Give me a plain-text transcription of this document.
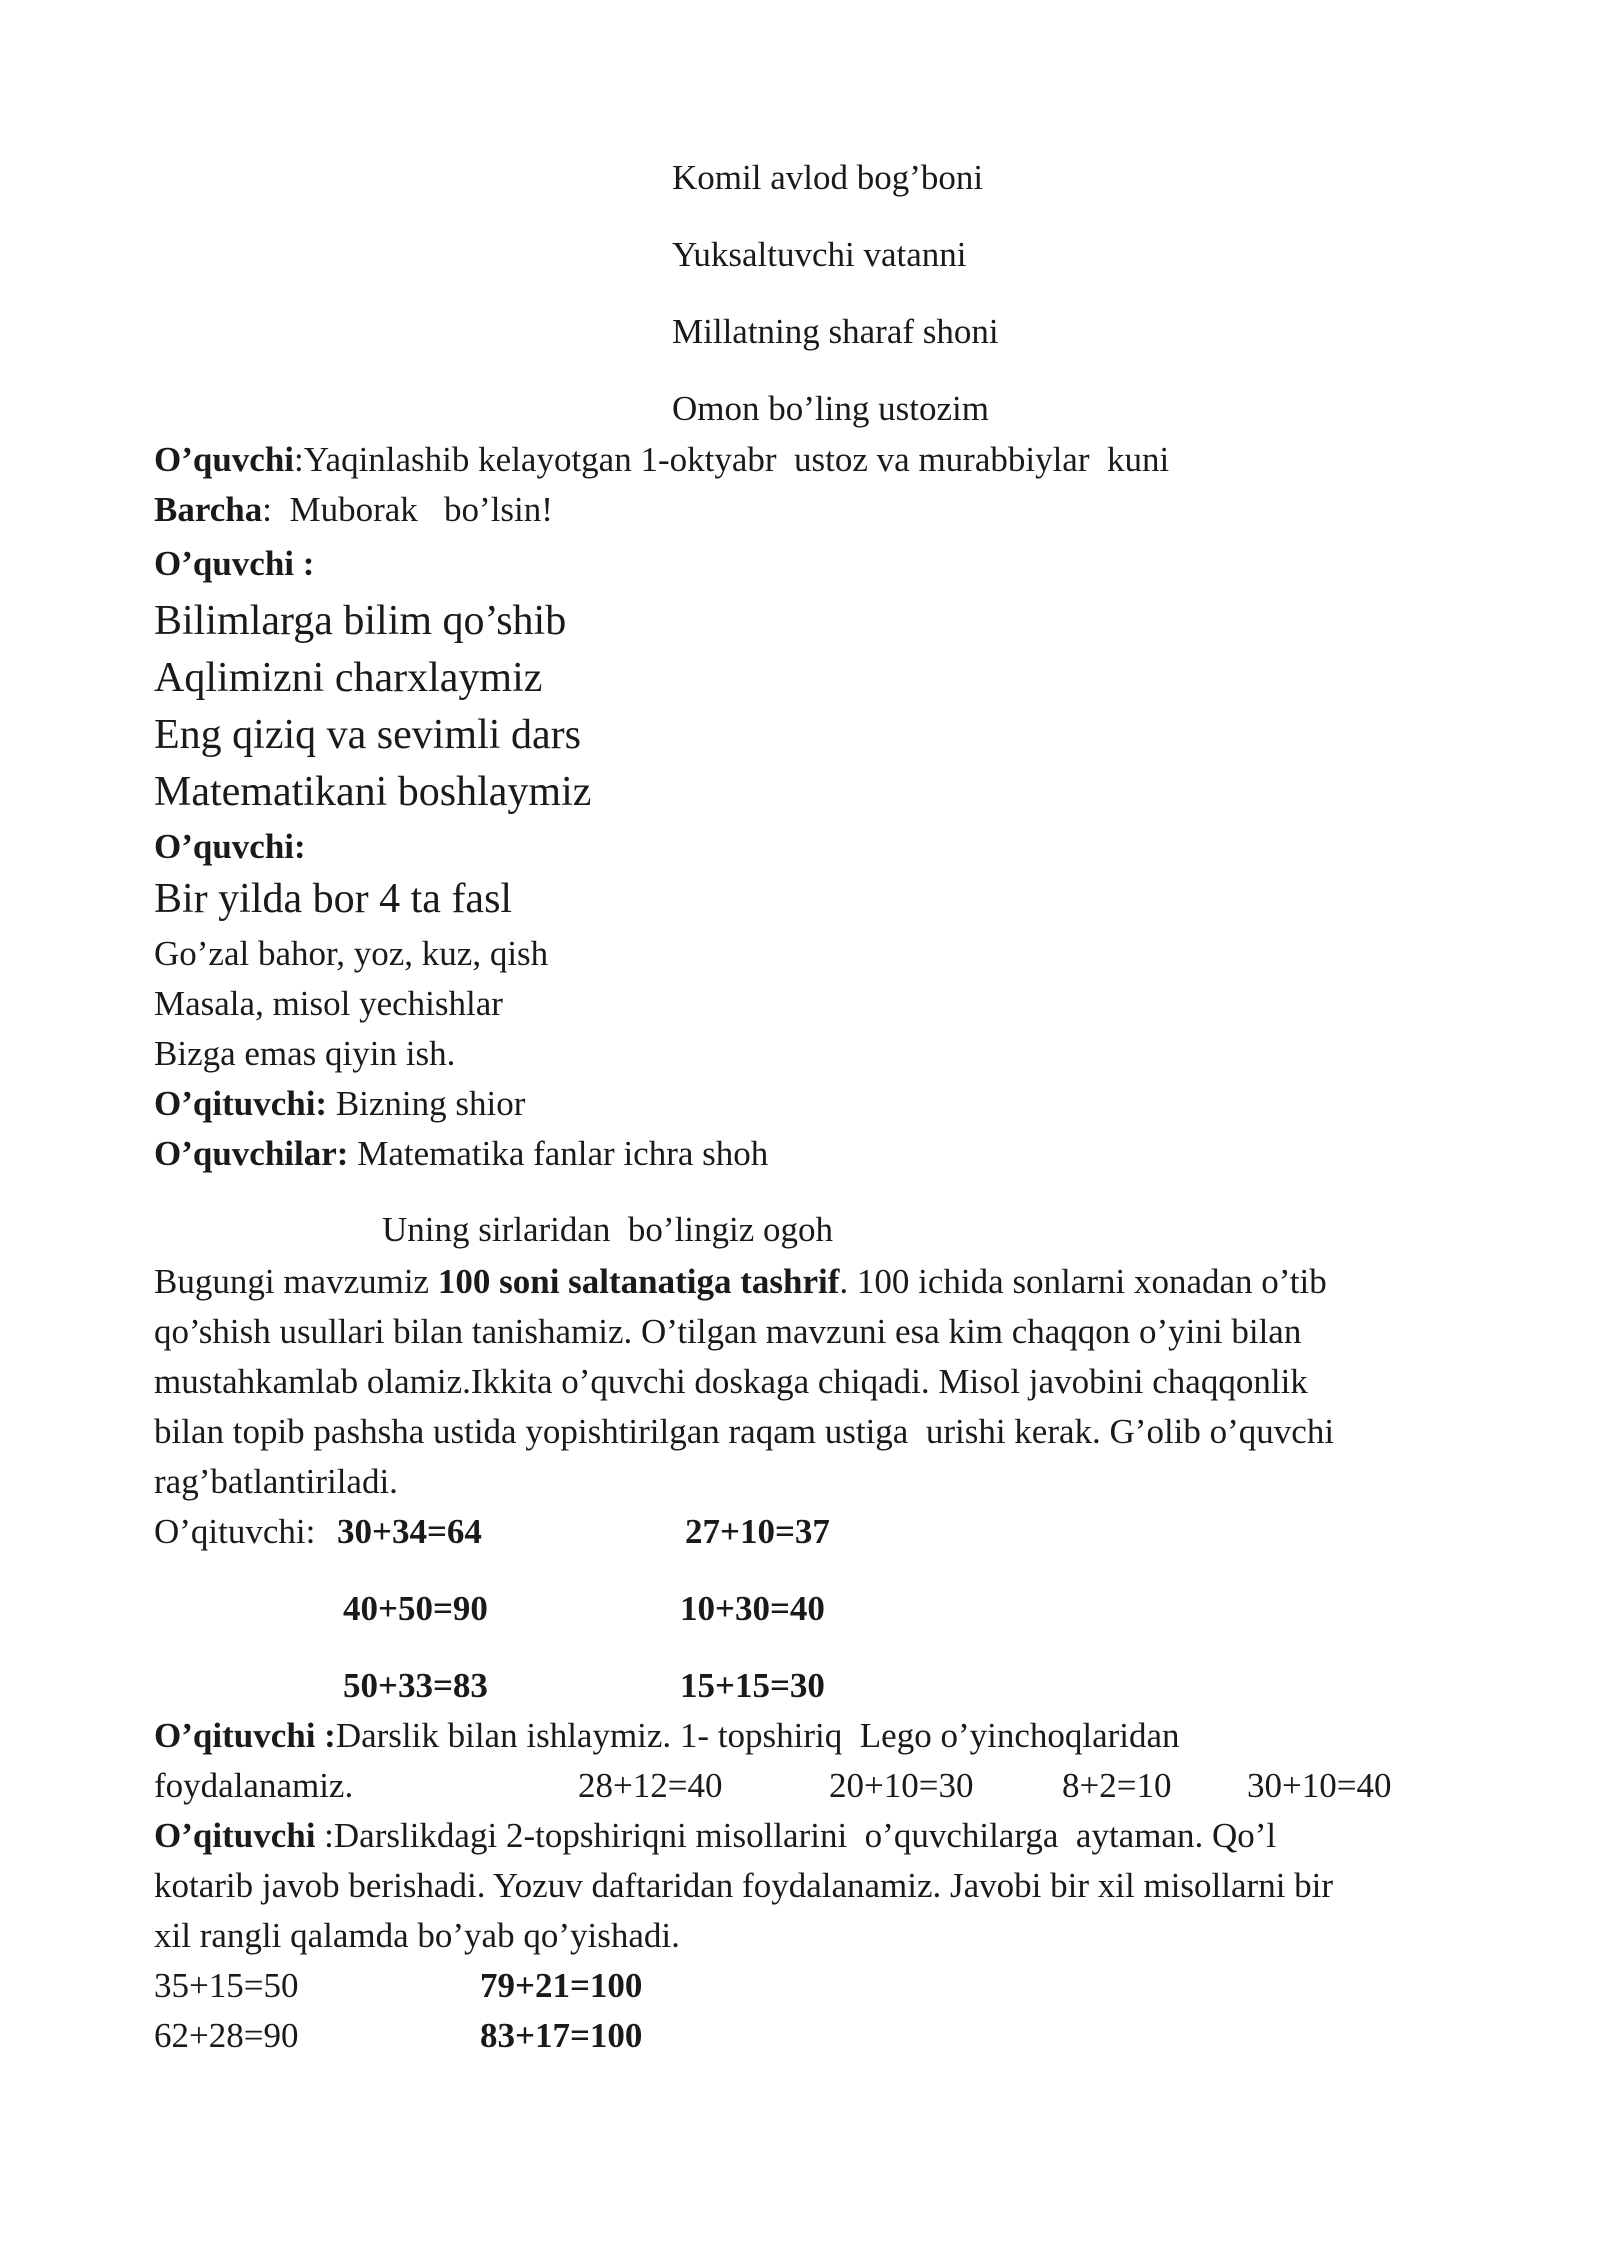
Komil avlod bog’boni
Yuksaltuvchi vatanni
Millatning sharaf shoni
Omon bo’ling ustozim
O’quvchi:Yaqinlashib kelayotgan 1-oktyabr  ustoz va murabbiylar  kuni
Barcha:  Muborak   bo’lsin!
O’quvchi :
Bilimlarga bilim qo’shib
Aqlimizni charxlaymiz
Eng qiziq va sevimli dars
Matematikani boshlaymiz
O’quvchi:
Bir yilda bor 4 ta fasl
Go’zal bahor, yoz, kuz, qish
Masala, misol yechishlar
Bizga emas qiyin ish.
O’qituvchi: Bizning shior
O’quvchilar: Matematika fanlar ichra shoh
Uning sirlaridan  bo’lingiz ogoh
Bugungi mavzumiz 100 soni saltanatiga tashrif. 100 ichida sonlarni xonadan o’tib
qo’shish usullari bilan tanishamiz. O’tilgan mavzuni esa kim chaqqon o’yini bilan
mustahkamlab olamiz.Ikkita o’quvchi doskaga chiqadi. Misol javobini chaqqonlik
bilan topib pashsha ustida yopishtirilgan raqam ustiga  urishi kerak. G’olib o’quvchi
rag’batlantiriladi.
O’qituvchi: 30+34=64	27+10=37
40+50=90	10+30=40
50+33=83	15+15=30
O’qituvchi :Darslik bilan ishlaymiz. 1- topshiriq  Lego o’yinchoqlaridan
foydalanamiz.	28+12=40	20+10=30	8+2=10 30+10=40
O’qituvchi :Darslikdagi 2-topshiriqni misollarini  o’quvchilarga  aytaman. Qo’l
kotarib javob berishadi. Yozuv daftaridan foydalanamiz. Javobi bir xil misollarni bir
xil rangli qalamda bo’yab qo’yishadi.
35+15=50	79+21=100
62+28=90	83+17=100
